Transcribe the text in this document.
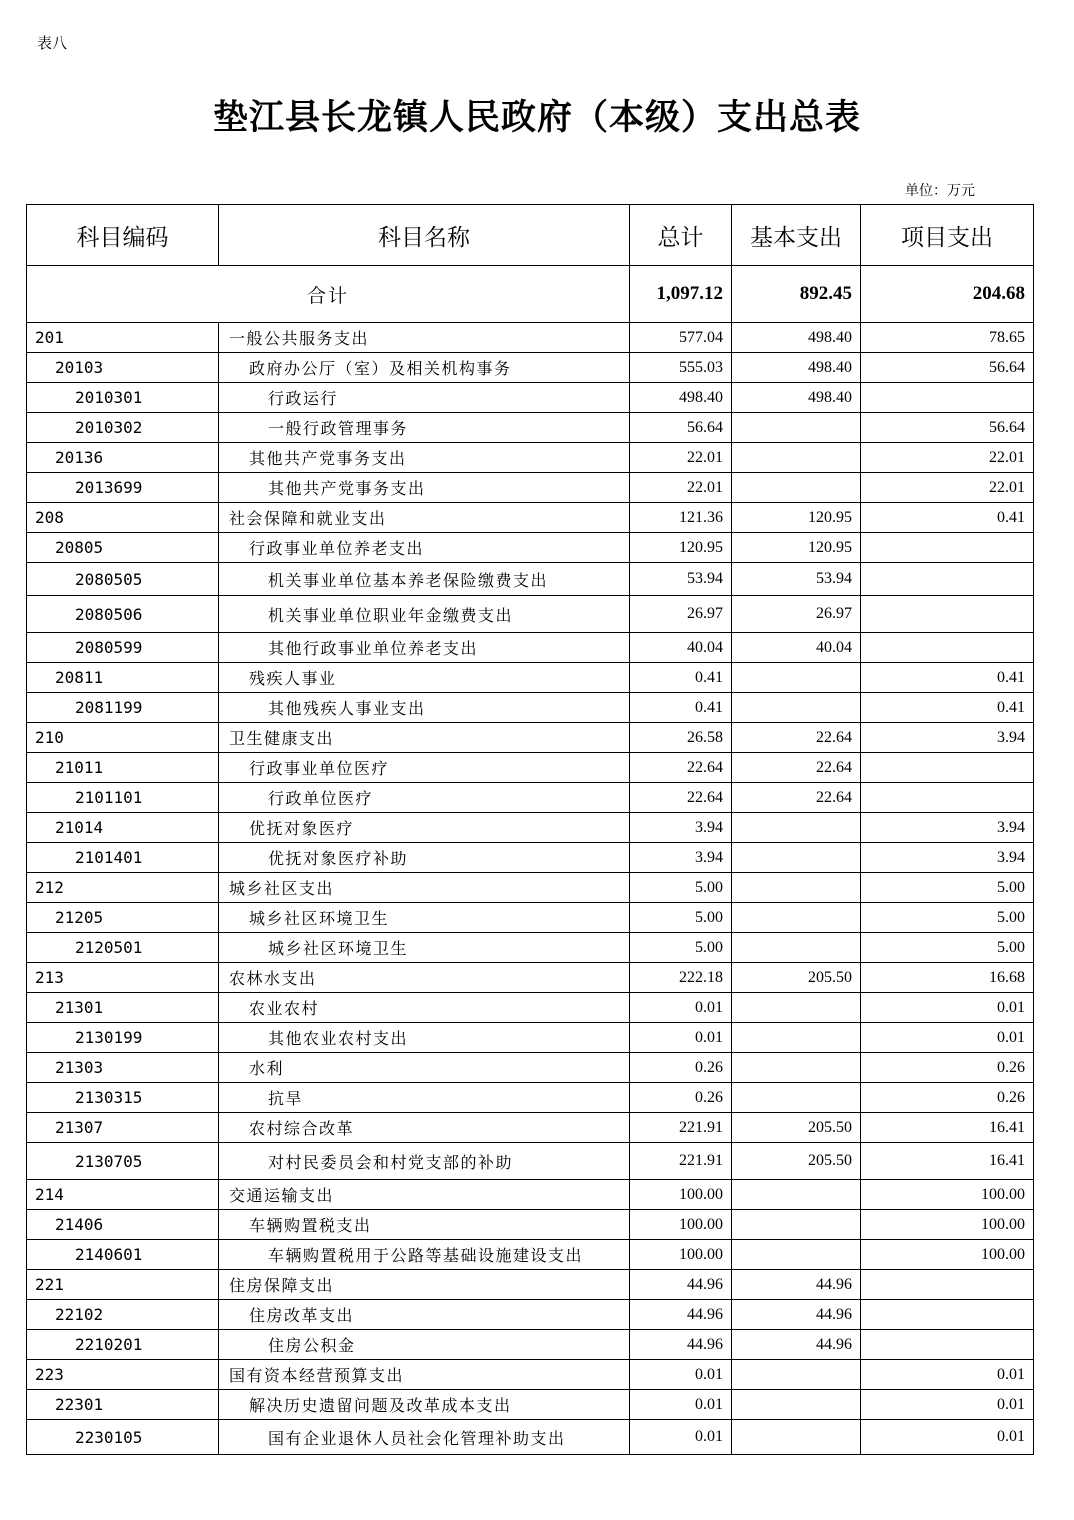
表八
垫江县长龙镇人民政府（本级）支出总表
单位：万元
科目编码	科目名称	总计	基本支出	项目支出
合计		1,097.12	892.45	204.68
201	一般公共服务支出	577.04	498.40	78.65
20103	政府办公厅（室）及相关机构事务	555.03	498.40	56.64
2010301	行政运行	498.40	498.40	
2010302	一般行政管理事务	56.64		56.64
20136	其他共产党事务支出	22.01		22.01
2013699	其他共产党事务支出	22.01		22.01
208	社会保障和就业支出	121.36	120.95	0.41
20805	行政事业单位养老支出	120.95	120.95	
2080505	机关事业单位基本养老保险缴费支出	53.94	53.94	
2080506	机关事业单位职业年金缴费支出	26.97	26.97	
2080599	其他行政事业单位养老支出	40.04	40.04	
20811	残疾人事业	0.41		0.41
2081199	其他残疾人事业支出	0.41		0.41
210	卫生健康支出	26.58	22.64	3.94
21011	行政事业单位医疗	22.64	22.64	
2101101	行政单位医疗	22.64	22.64	
21014	优抚对象医疗	3.94		3.94
2101401	优抚对象医疗补助	3.94		3.94
212	城乡社区支出	5.00		5.00
21205	城乡社区环境卫生	5.00		5.00
2120501	城乡社区环境卫生	5.00		5.00
213	农林水支出	222.18	205.50	16.68
21301	农业农村	0.01		0.01
2130199	其他农业农村支出	0.01		0.01
21303	水利	0.26		0.26
2130315	抗旱	0.26		0.26
21307	农村综合改革	221.91	205.50	16.41
2130705	对村民委员会和村党支部的补助	221.91	205.50	16.41
214	交通运输支出	100.00		100.00
21406	车辆购置税支出	100.00		100.00
2140601	车辆购置税用于公路等基础设施建设支出	100.00		100.00
221	住房保障支出	44.96	44.96	
22102	住房改革支出	44.96	44.96	
2210201	住房公积金	44.96	44.96	
223	国有资本经营预算支出	0.01		0.01
22301	解决历史遗留问题及改革成本支出	0.01		0.01
2230105	国有企业退休人员社会化管理补助支出	0.01		0.01
